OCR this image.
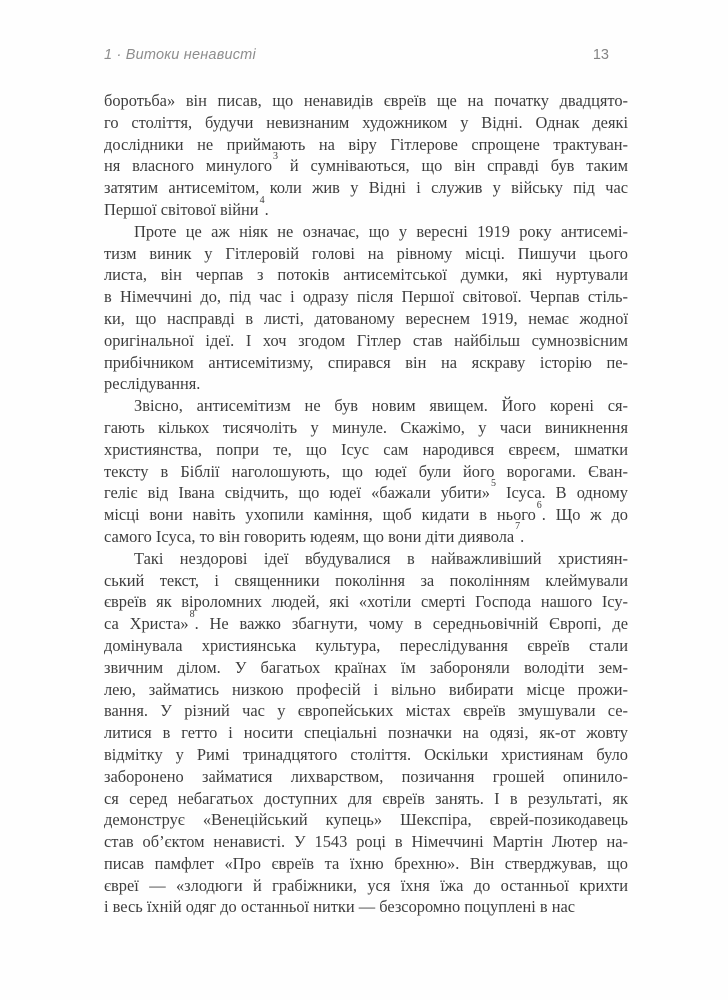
1 · Витоки ненависті	13
боротьба» він писав, що ненавидів євреїв ще на початку двадцято-
го століття, будучи невизнаним художником у Відні. Однак деякі
дослідники не приймають на віру Гітлерове спрощене трактуван-
ня власного минулого$^3$ й сумніваються, що він справді був таким
затятим антисемітом, коли жив у Відні і служив у війську під час
Першої світової війни$^4$.
Проте це аж ніяк не означає, що у вересні 1919 року антисемі-
тизм виник у Гітлеровій голові на рівному місці. Пишучи цього
листа, він черпав з потоків антисемітської думки, які нуртували
в Німеччині до, під час і одразу після Першої світової. Черпав стіль-
ки, що насправді в листі, датованому вереснем 1919, немає жодної
оригінальної ідеї. І хоч згодом Гітлер став найбільш сумнозвісним
прибічником антисемітизму, спирався він на яскраву історію пе-
реслідування.
Звісно, антисемітизм не був новим явищем. Його корені ся-
гають кількох тисячоліть у минуле. Скажімо, у часи виникнення
християнства, попри те, що Ісус сам народився євреєм, шматки
тексту в Біблії наголошують, що юдеї були його ворогами. Єван-
геліє від Івана свідчить, що юдеї «бажали убити»$^5$ Ісуса. В одному
місці вони навіть ухопили каміння, щоб кидати в нього$^6$. Що ж до
самого Ісуса, то він говорить юдеям, що вони діти диявола$^7$.
Такі нездорові ідеї вбудувалися в найважливіший християн-
ський текст, і священники покоління за поколінням клеймували
євреїв як віроломних людей, які «хотіли смерті Господа нашого Ісу-
са Христа»$^8$. Не важко збагнути, чому в середньовічній Європі, де
домінувала християнська культура, переслідування євреїв стали
звичним ділом. У багатьох країнах їм забороняли володіти зем-
лею, займатись низкою професій і вільно вибирати місце прожи-
вання. У різний час у європейських містах євреїв змушували се-
литися в гетто і носити спеціальні позначки на одязі, як-от жовту
відмітку у Римі тринадцятого століття. Оскільки християнам було
заборонено займатися лихварством, позичання грошей опинило-
ся серед небагатьох доступних для євреїв занять. І в результаті, як
демонструє «Венеційський купець» Шекспіра, єврей-позикодавець
став об’єктом ненависті. У 1543 році в Німеччині Мартін Лютер на-
писав памфлет «Про євреїв та їхню брехню». Він стверджував, що
євреї — «злодюги й грабіжники, уся їхня їжа до останньої крихти
і весь їхній одяг до останньої нитки — безсоромно поцуплені в нас
